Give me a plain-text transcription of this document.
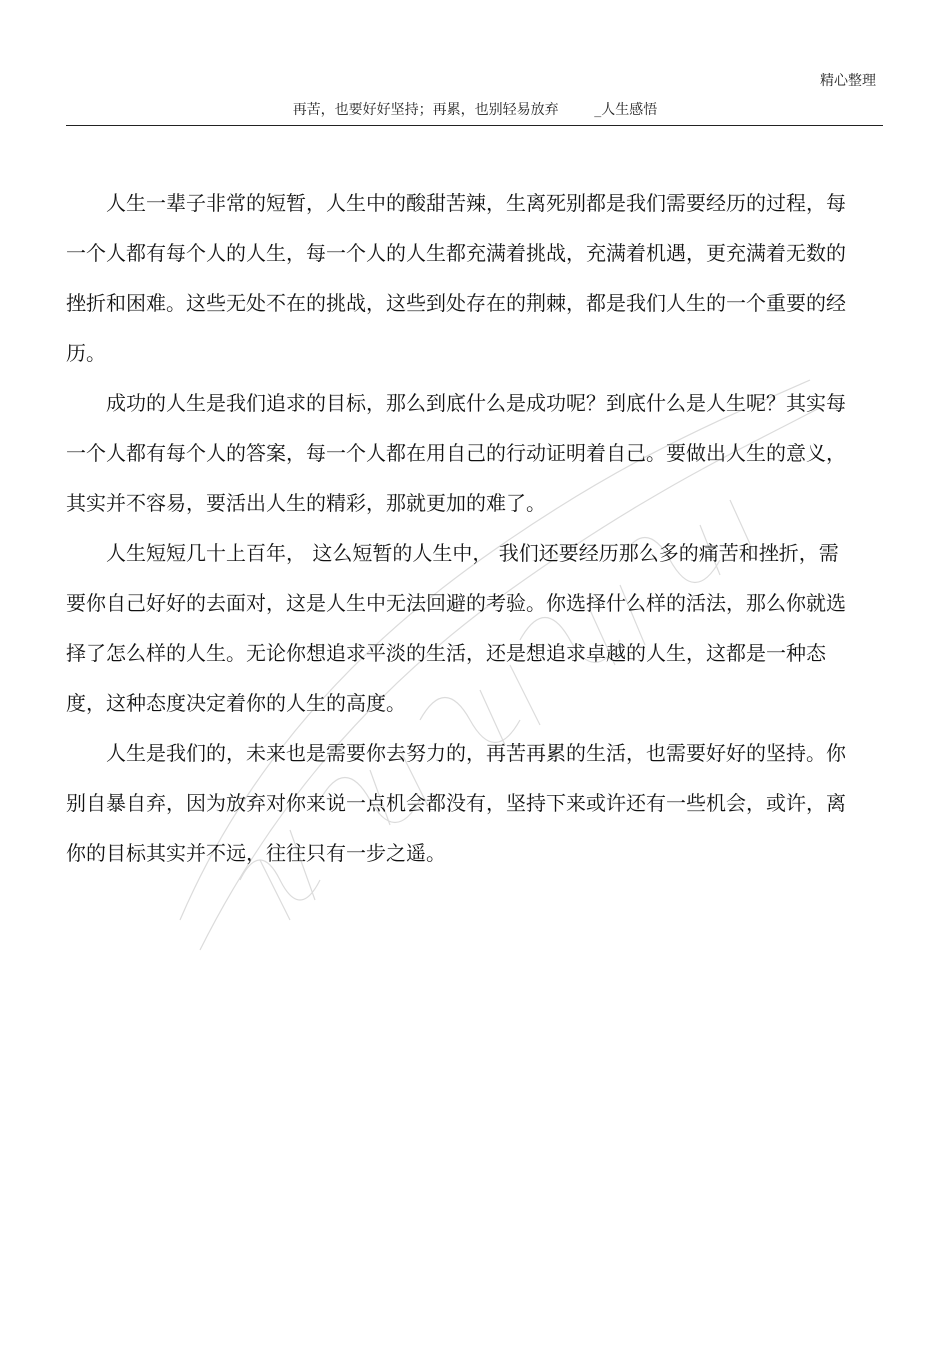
精心整理
再苦，也要好好坚持；再累，也别轻易放弃        _人生感悟

人生一辈子非常的短暂，人生中的酸甜苦辣，生离死别都是我们需要经历的过程，每一个人都有每个人的人生，每一个人的人生都充满着挑战，充满着机遇，更充满着无数的挫折和困难。这些无处不在的挑战，这些到处存在的荆棘，都是我们人生的一个重要的经历。

成功的人生是我们追求的目标，那么到底什么是成功呢？到底什么是人生呢？其实每一个人都有每个人的答案，每一个人都在用自己的行动证明着自己。要做出人生的意义，其实并不容易，要活出人生的精彩，那就更加的难了。

人生短短几十上百年， 这么短暂的人生中， 我们还要经历那么多的痛苦和挫折，需要你自己好好的去面对，这是人生中无法回避的考验。你选择什么样的活法，那么你就选择了怎么样的人生。无论你想追求平淡的生活，还是想追求卓越的人生，这都是一种态度，这种态度决定着你的人生的高度。

人生是我们的，未来也是需要你去努力的，再苦再累的生活，也需要好好的坚持。你别自暴自弃，因为放弃对你来说一点机会都没有，坚持下来或许还有一些机会，或许，离你的目标其实并不远，往往只有一步之遥。
